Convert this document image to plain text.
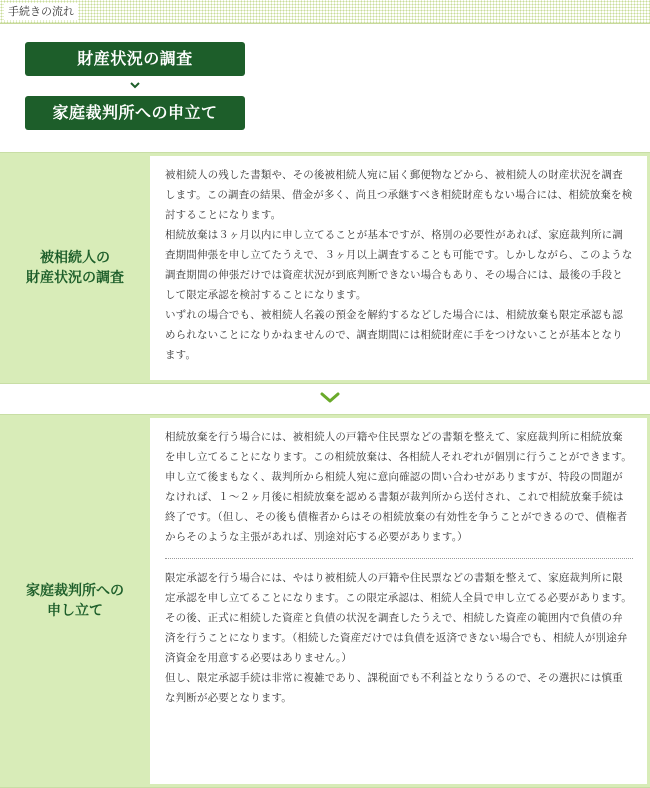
手続きの流れ
財産状況の調査
家庭裁判所への申立て
被相続人の
財産状況の調査

被相続人の残した書類や、その後被相続人宛に届く郵便物などから、被相続人の財産状況を調査します。この調査の結果、借金が多く、尚且つ承継すべき相続財産もない場合には、相続放棄を検討することになります。

相続放棄は３ヶ月以内に申し立てることが基本ですが、格別の必要性があれば、家庭裁判所に調査期間伸張を申し立てたうえで、３ヶ月以上調査することも可能です。しかしながら、このような調査期間の伸張だけでは資産状況が到底判断できない場合もあり、その場合には、最後の手段として限定承認を検討することになります。

いずれの場合でも、被相続人名義の預金を解約するなどした場合には、相続放棄も限定承認も認められないことになりかねませんので、調査期間には相続財産に手をつけないことが基本となります。

家庭裁判所への
申し立て

相続放棄を行う場合には、被相続人の戸籍や住民票などの書類を整えて、家庭裁判所に相続放棄を申し立てることになります。この相続放棄は、各相続人それぞれが個別に行うことができます。

申し立て後まもなく、裁判所から相続人宛に意向確認の問い合わせがありますが、特段の問題がなければ、１〜２ヶ月後に相続放棄を認める書類が裁判所から送付され、これで相続放棄手続は終了です。（但し、その後も債権者からはその相続放棄の有効性を争うことができるので、債権者からそのような主張があれば、別途対応する必要があります。）

限定承認を行う場合には、やはり被相続人の戸籍や住民票などの書類を整えて、家庭裁判所に限定承認を申し立てることになります。この限定承認は、相続人全員で申し立てる必要があります。

その後、正式に相続した資産と負債の状況を調査したうえで、相続した資産の範囲内で負債の弁済を行うことになります。（相続した資産だけでは負債を返済できない場合でも、相続人が別途弁済資金を用意する必要はありません。）

但し、限定承認手続は非常に複雑であり、課税面でも不利益となりうるので、その選択には慎重な判断が必要となります。
